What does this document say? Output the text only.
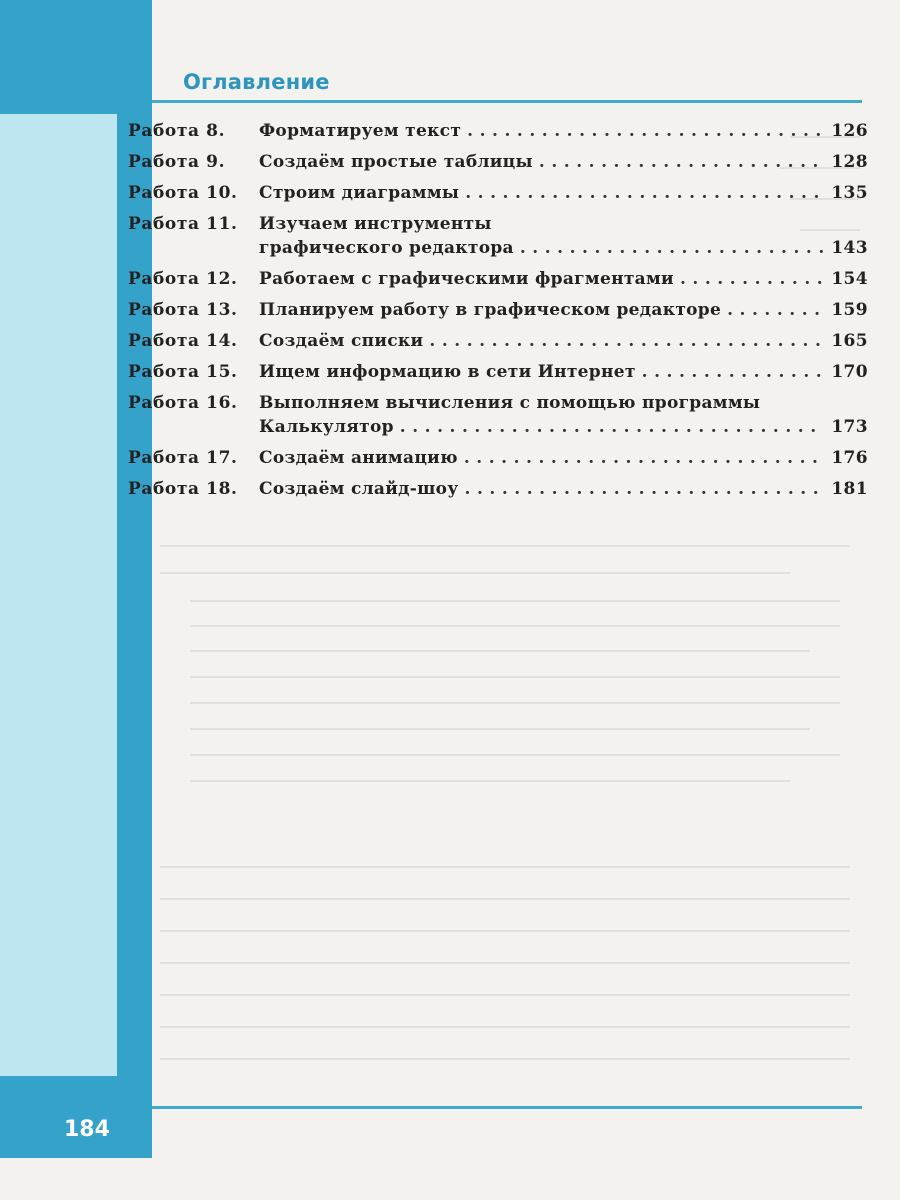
Оглавление
Работа 8.	Форматируем текст . . .	126
Работа 9.	Создаём простые таблицы . . .	128
Работа 10.	Строим диаграммы . . .	135
Работа 11.	Изучаем инструменты
графического редактора . . .	143
Работа 12.	Работаем с графическими фрагментами . . .	154
Работа 13.	Планируем работу в графическом редакторе . . .	159
Работа 14.	Создаём списки . . .	165
Работа 15.	Ищем информацию в сети Интернет . . .	170
Работа 16.	Выполняем вычисления с помощью программы
Калькулятор . . .	173
Работа 17.	Создаём анимацию . . .	176
Работа 18.	Создаём слайд-шоу . . .	181
184
